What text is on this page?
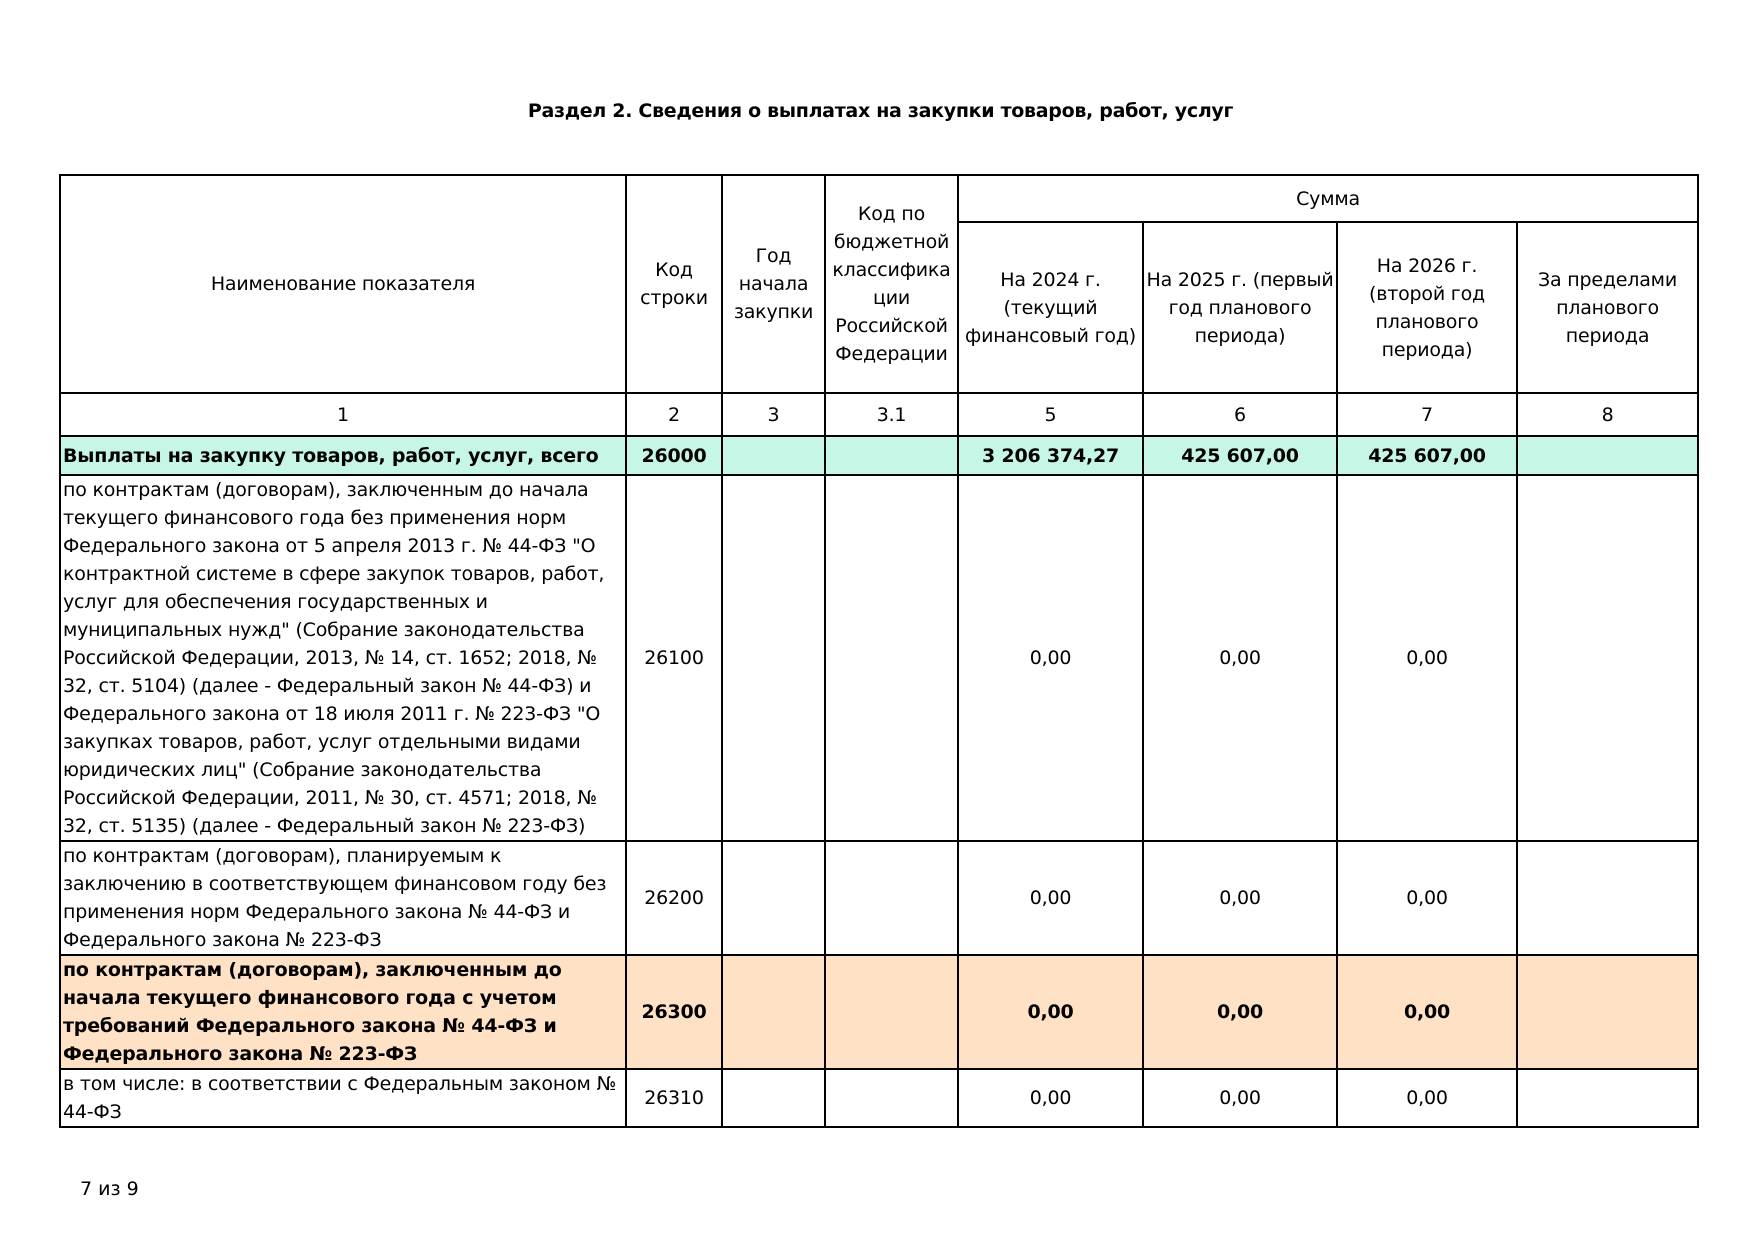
Раздел 2. Сведения о выплатах на закупки товаров, работ, услуг
Наименование показателя	Код строки	Год начала закупки	Код по бюджетной классификации Российской Федерации	Сумма			
				На 2024 г. (текущий финансовый год)	На 2025 г. (первый год планового периода)	На 2026 г. (второй год планового периода)	За пределами планового периода
1	2	3	3.1	5	6	7	8
Выплаты на закупку товаров, работ, услуг, всего	26000			3 206 374,27	425 607,00	425 607,00	
по контрактам (договорам), заключенным до начала текущего финансового года без применения норм Федерального закона от 5 апреля 2013 г. № 44-ФЗ "О контрактной системе в сфере закупок товаров, работ, услуг для обеспечения государственных и муниципальных нужд" (Собрание законодательства Российской Федерации, 2013, № 14, ст. 1652; 2018, № 32, ст. 5104) (далее - Федеральный закон № 44-ФЗ) и Федерального закона от 18 июля 2011 г. № 223-ФЗ "О закупках товаров, работ, услуг отдельными видами юридических лиц" (Собрание законодательства Российской Федерации, 2011, № 30, ст. 4571; 2018, № 32, ст. 5135) (далее - Федеральный закон № 223-ФЗ)	26100			0,00	0,00	0,00	
по контрактам (договорам), планируемым к заключению в соответствующем финансовом году без применения норм Федерального закона № 44-ФЗ и Федерального закона № 223-ФЗ	26200			0,00	0,00	0,00	
по контрактам (договорам), заключенным до начала текущего финансового года с учетом требований Федерального закона № 44-ФЗ и Федерального закона № 223-ФЗ	26300			0,00	0,00	0,00	
в том числе: в соответствии с Федеральным законом № 44-ФЗ	26310			0,00	0,00	0,00	
7 из 9
